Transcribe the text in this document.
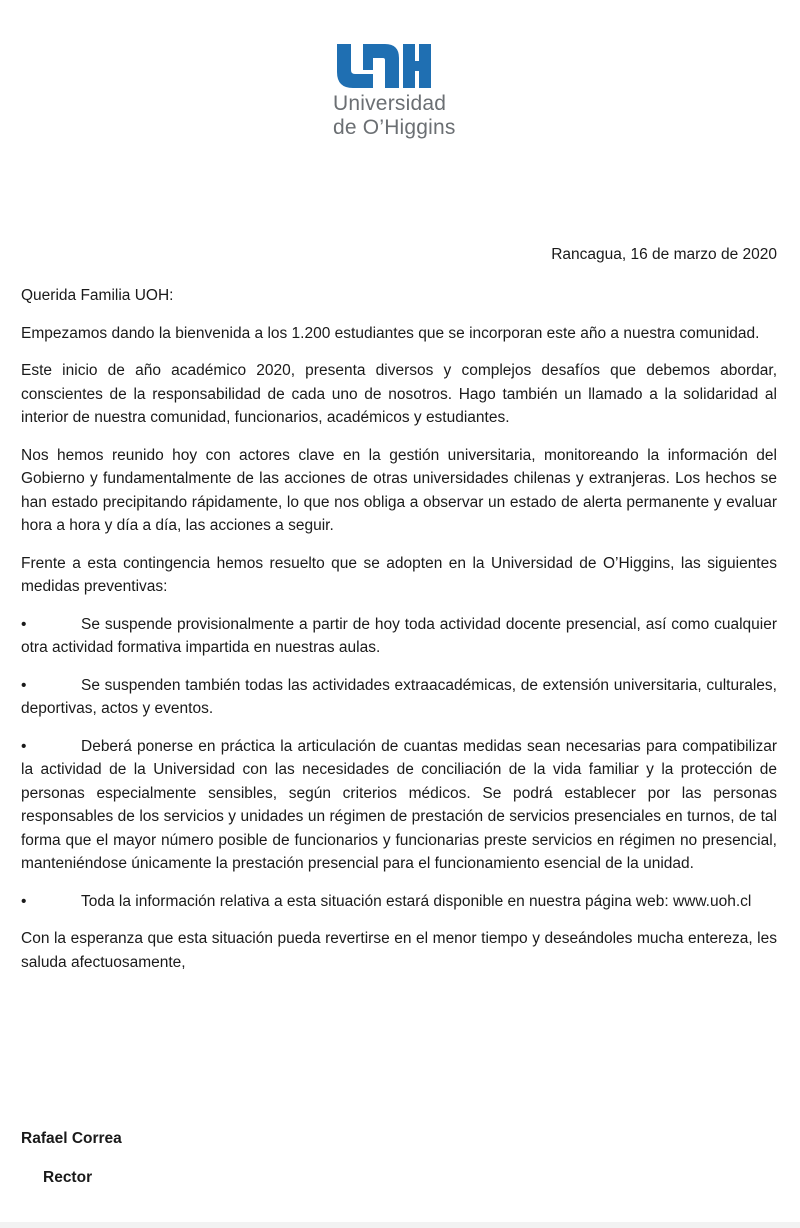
Universidad
de O’Higgins
Rancagua, 16 de marzo de 2020

Querida Familia UOH:

Empezamos dando la bienvenida a los 1.200 estudiantes que se incorporan este año a nuestra comunidad.

Este inicio de año académico 2020, presenta diversos y complejos desafíos que debemos abordar, conscientes de la responsabilidad de cada uno de nosotros. Hago también un llamado a la solidaridad al interior de nuestra comunidad, funcionarios, académicos y estudiantes.

Nos hemos reunido hoy con actores clave en la gestión universitaria, monitoreando la información del Gobierno y fundamentalmente de las acciones de otras universidades chilenas y extranjeras. Los hechos se han estado precipitando rápidamente, lo que nos obliga a observar un estado de alerta permanente y evaluar hora a hora y día a día, las acciones a seguir.

Frente a esta contingencia hemos resuelto que se adopten en la Universidad de O’Higgins, las siguientes medidas preventivas:

•	Se suspende provisionalmente a partir de hoy toda actividad docente presencial, así como cualquier otra actividad formativa impartida en nuestras aulas.

•	Se suspenden también todas las actividades extraacadémicas, de extensión universitaria, culturales, deportivas, actos y eventos.

•	Deberá ponerse en práctica la articulación de cuantas medidas sean necesarias para compatibilizar la actividad de la Universidad con las necesidades de conciliación de la vida familiar y la protección de personas especialmente sensibles, según criterios médicos. Se podrá establecer por las personas responsables de los servicios y unidades un régimen de prestación de servicios presenciales en turnos, de tal forma que el mayor número posible de funcionarios y funcionarias preste servicios en régimen no presencial, manteniéndose únicamente la prestación presencial para el funcionamiento esencial de la unidad.

•	Toda la información relativa a esta situación estará disponible en nuestra página web: www.uoh.cl

Con la esperanza que esta situación pueda revertirse en el menor tiempo y deseándoles mucha entereza, les saluda afectuosamente,

Rafael Correa
Rector
